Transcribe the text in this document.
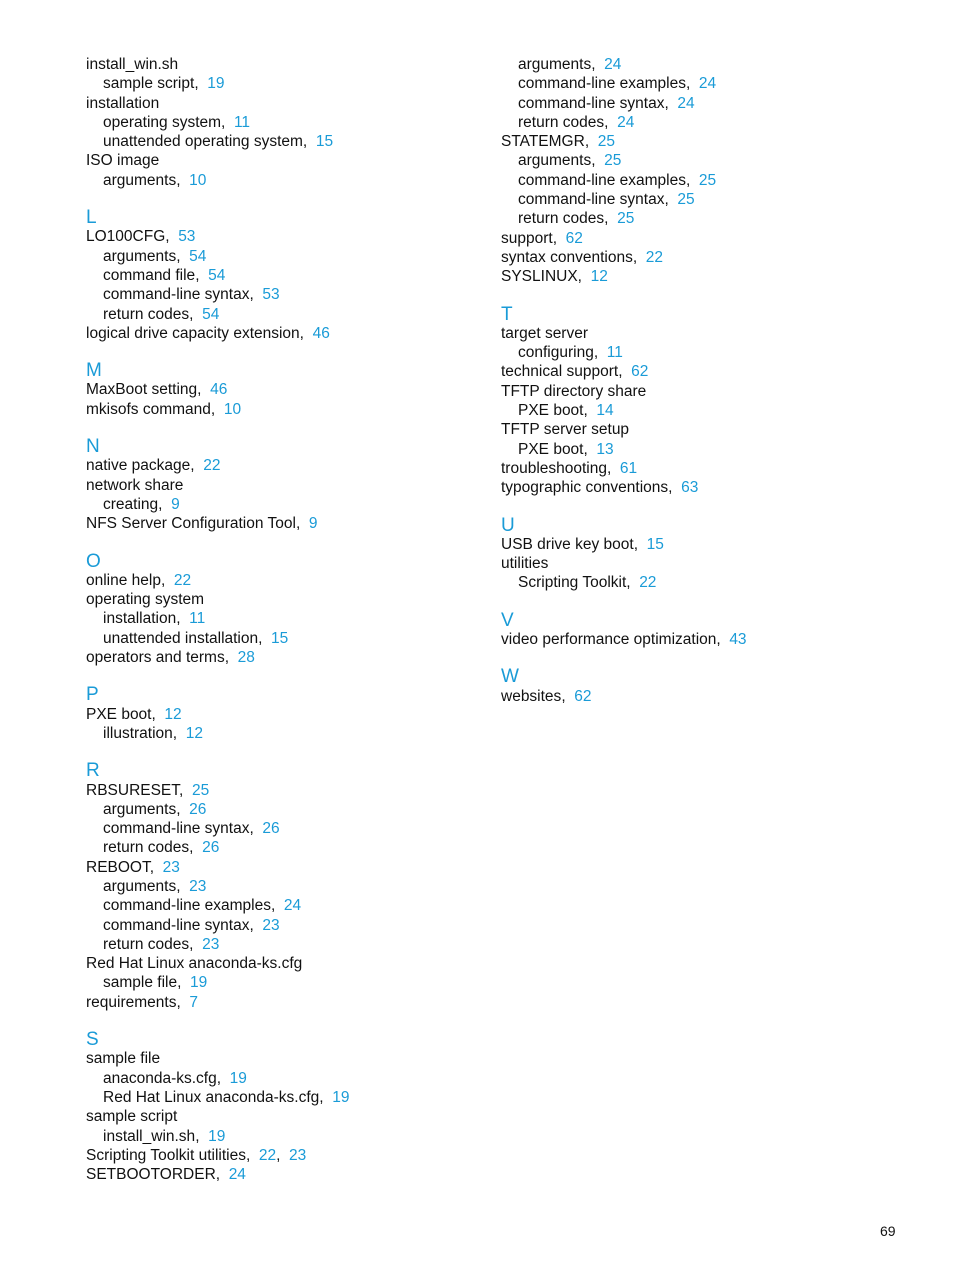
install_win.sh
sample script,  19
installation
operating system,  11
unattended operating system,  15
ISO image
arguments,  10
L
LO100CFG,  53
arguments,  54
command file,  54
command-line syntax,  53
return codes,  54
logical drive capacity extension,  46
M
MaxBoot setting,  46
mkisofs command,  10
N
native package,  22
network share
creating,  9
NFS Server Configuration Tool,  9
O
online help,  22
operating system
installation,  11
unattended installation,  15
operators and terms,  28
P
PXE boot,  12
illustration,  12
R
RBSURESET,  25
arguments,  26
command-line syntax,  26
return codes,  26
REBOOT,  23
arguments,  23
command-line examples,  24
command-line syntax,  23
return codes,  23
Red Hat Linux anaconda-ks.cfg
sample file,  19
requirements,  7
S
sample file
anaconda-ks.cfg,  19
Red Hat Linux anaconda-ks.cfg,  19
sample script
install_win.sh,  19
Scripting Toolkit utilities,  22,  23
SETBOOTORDER,  24
arguments,  24
command-line examples,  24
command-line syntax,  24
return codes,  24
STATEMGR,  25
arguments,  25
command-line examples,  25
command-line syntax,  25
return codes,  25
support,  62
syntax conventions,  22
SYSLINUX,  12
T
target server
configuring,  11
technical support,  62
TFTP directory share
PXE boot,  14
TFTP server setup
PXE boot,  13
troubleshooting,  61
typographic conventions,  63
U
USB drive key boot,  15
utilities
Scripting Toolkit,  22
V
video performance optimization,  43
W
websites,  62
69
